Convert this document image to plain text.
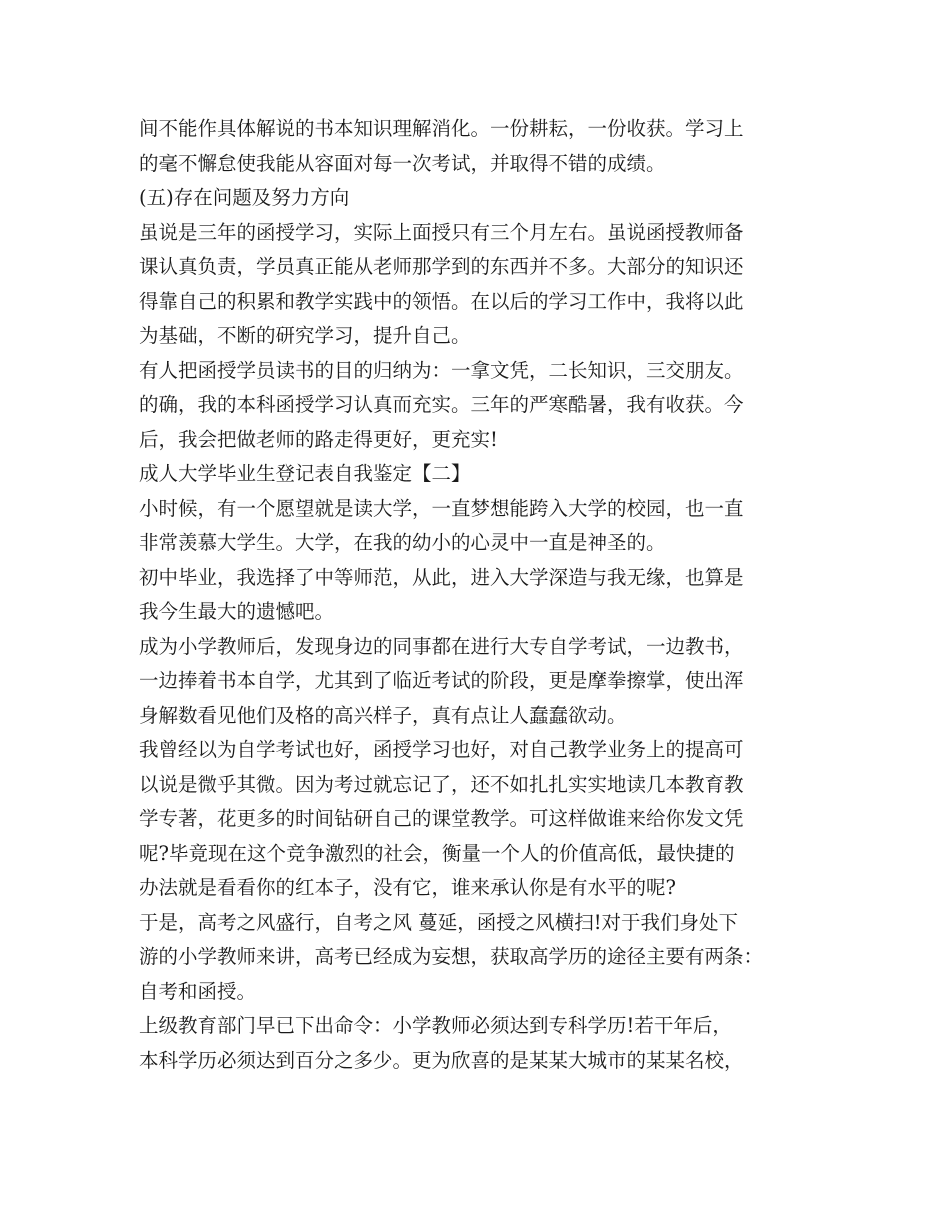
间不能作具体解说的书本知识理解消化。一份耕耘，一份收获。学习上
的毫不懈怠使我能从容面对每一次考试，并取得不错的成绩。
(五)存在问题及努力方向
虽说是三年的函授学习，实际上面授只有三个月左右。虽说函授教师备
课认真负责，学员真正能从老师那学到的东西并不多。大部分的知识还
得靠自己的积累和教学实践中的领悟。在以后的学习工作中，我将以此
为基础，不断的研究学习，提升自己。
有人把函授学员读书的目的归纳为：一拿文凭，二长知识，三交朋友。
的确，我的本科函授学习认真而充实。三年的严寒酷暑，我有收获。今
后，我会把做老师的路走得更好，更充实!
成人大学毕业生登记表自我鉴定【二】
小时候，有一个愿望就是读大学，一直梦想能跨入大学的校园，也一直
非常羡慕大学生。大学，在我的幼小的心灵中一直是神圣的。
初中毕业，我选择了中等师范，从此，进入大学深造与我无缘，也算是
我今生最大的遗憾吧。
成为小学教师后，发现身边的同事都在进行大专自学考试，一边教书，
一边捧着书本自学，尤其到了临近考试的阶段，更是摩拳擦掌，使出浑
身解数看见他们及格的高兴样子，真有点让人蠢蠢欲动。
我曾经以为自学考试也好，函授学习也好，对自己教学业务上的提高可
以说是微乎其微。因为考过就忘记了，还不如扎扎实实地读几本教育教
学专著，花更多的时间钻研自己的课堂教学。可这样做谁来给你发文凭
呢?毕竟现在这个竞争激烈的社会，衡量一个人的价值高低，最快捷的
办法就是看看你的红本子，没有它，谁来承认你是有水平的呢?
于是，高考之风盛行，自考之风 蔓延，函授之风横扫!对于我们身处下
游的小学教师来讲，高考已经成为妄想，获取高学历的途径主要有两条：
自考和函授。
上级教育部门早已下出命令：小学教师必须达到专科学历!若干年后，
本科学历必须达到百分之多少。更为欣喜的是某某大城市的某某名校，
